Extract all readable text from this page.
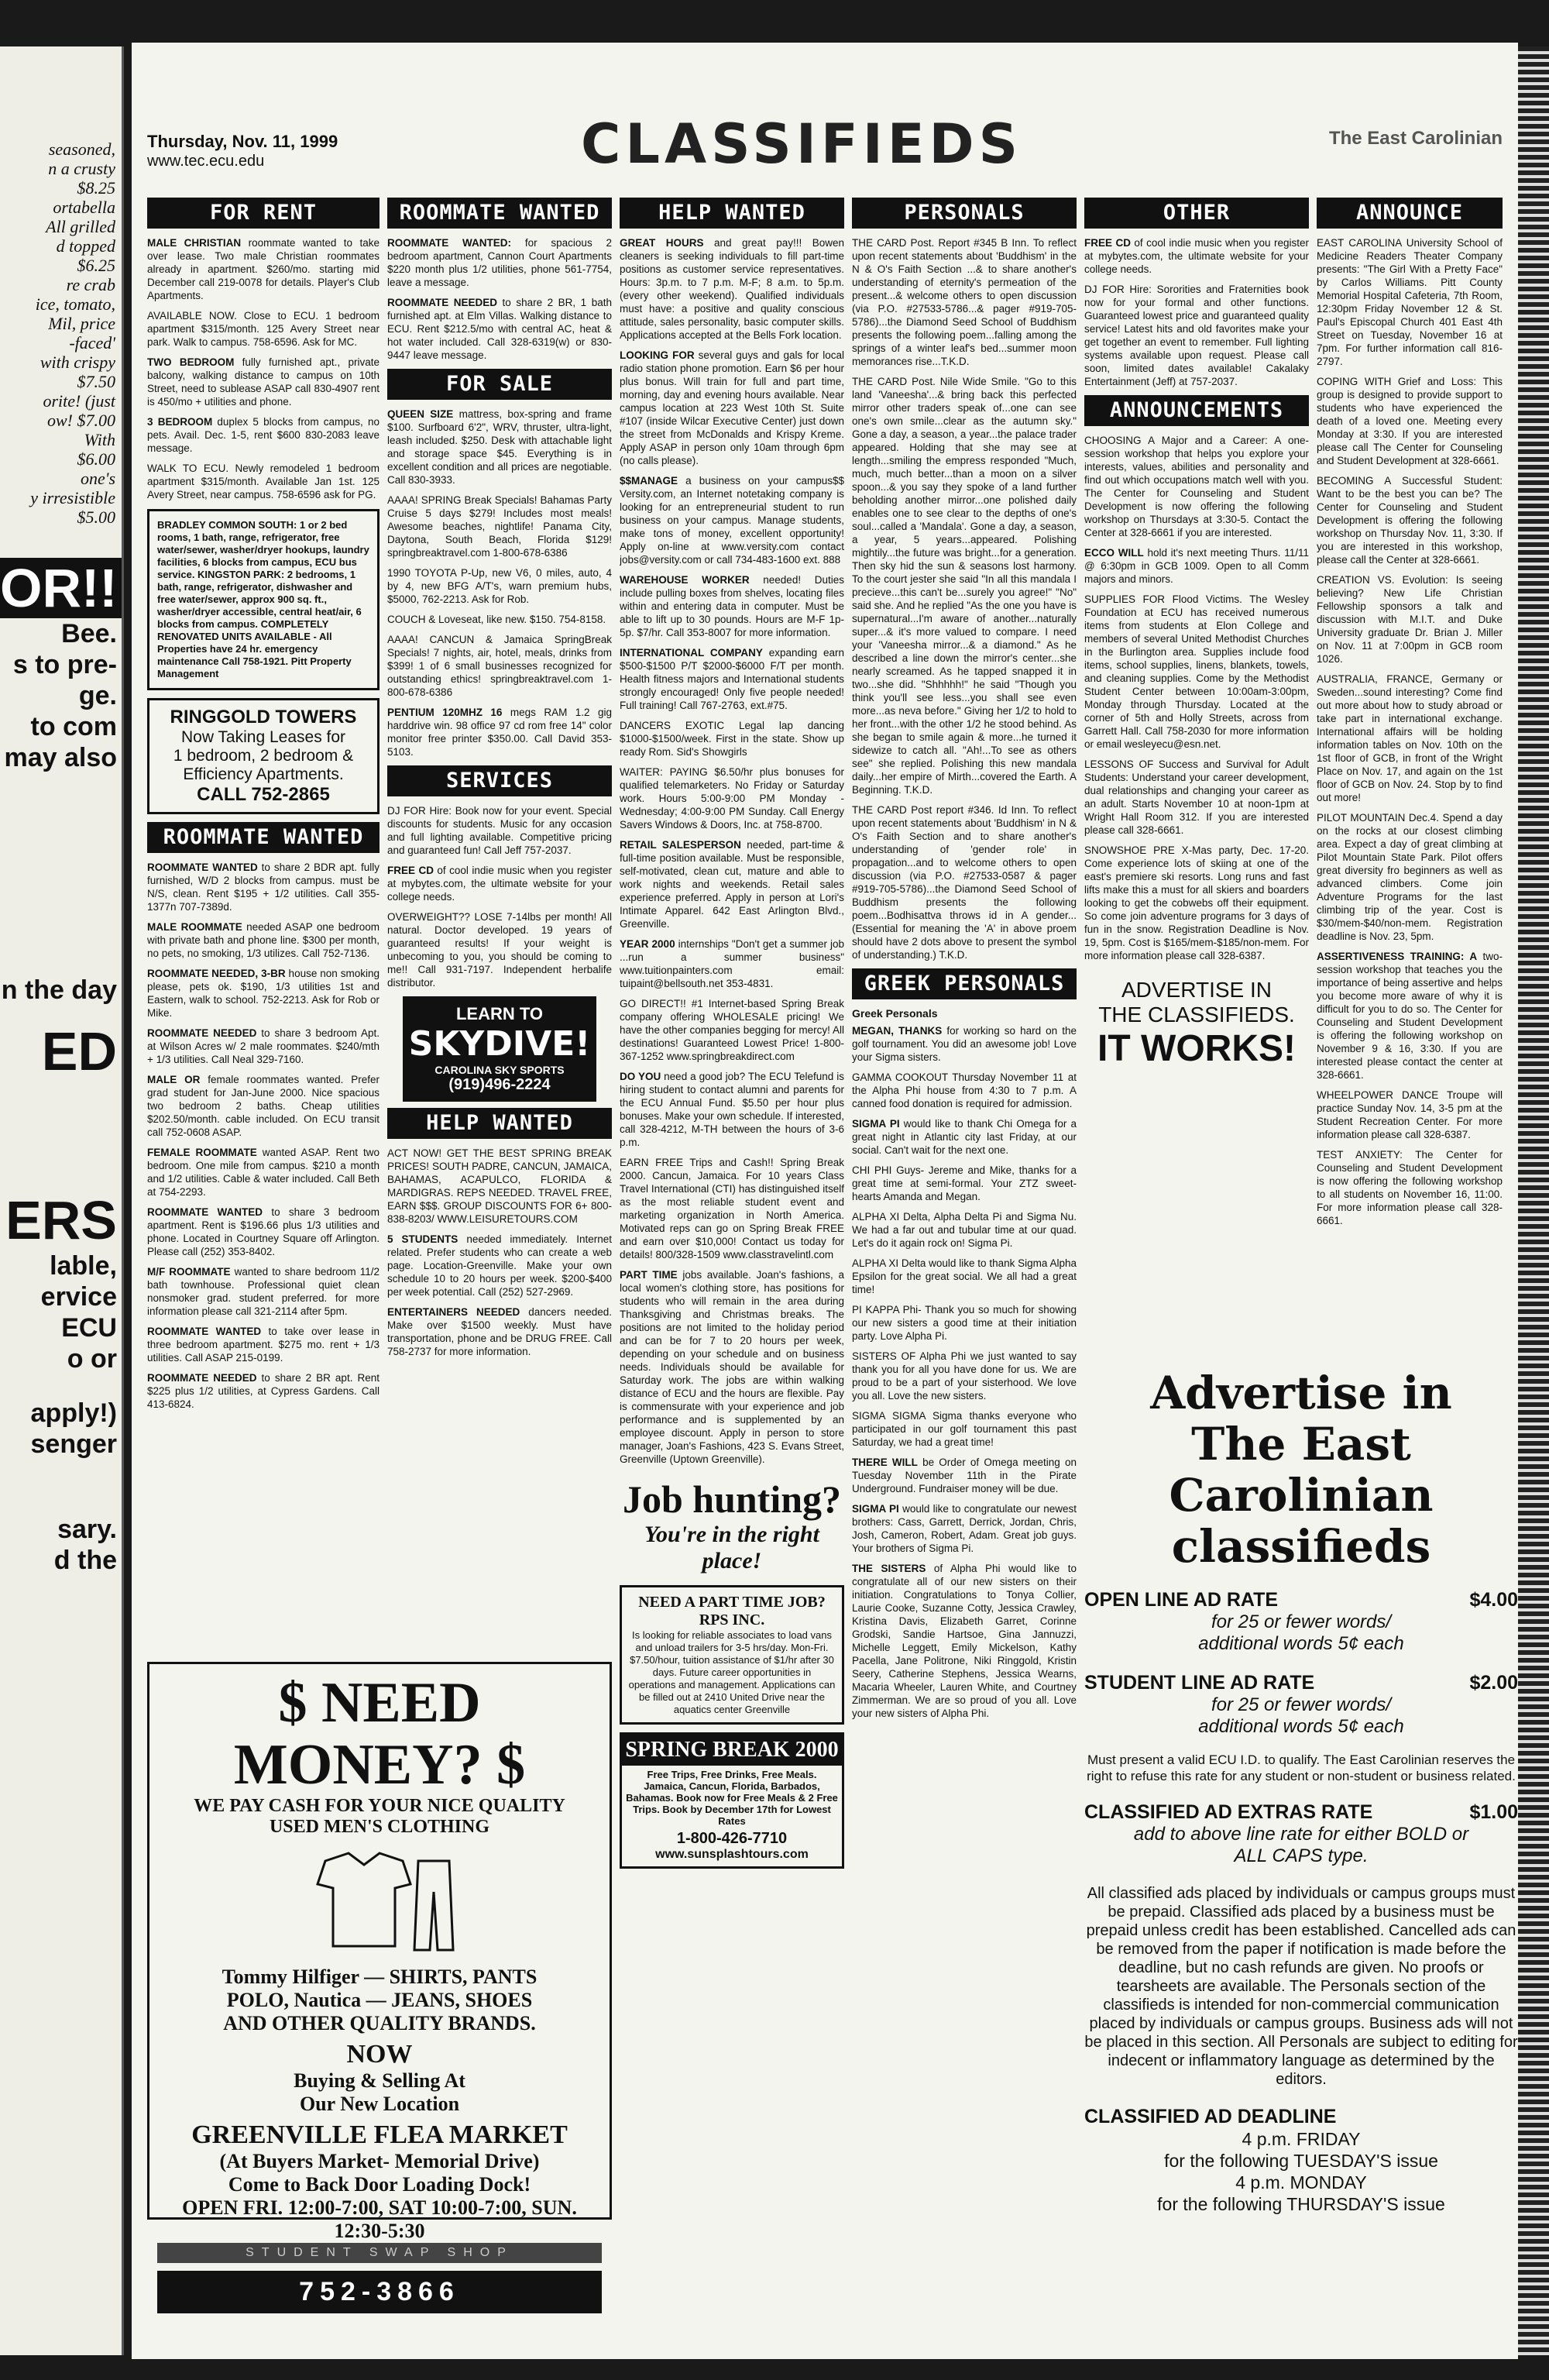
seasoned,
n a crusty
$8.25
ortabella
All grilled
d topped
$6.25
re crab
ice, tomato,
Mil, price
-faced'
with crispy
$7.50
orite! (just
ow! $7.00
With
$6.00
one's
y irresistible
$5.00
OR!!
Bee.
s to pre-
ge.
to com
may also
n the day
ED
ERS
lable,
ervice
ECU
o or
apply!)
senger
sary.
d the
Thursday, Nov. 11, 1999
www.tec.ecu.edu	CLASSIFIEDS	The East Carolinian
FOR RENT

MALE CHRISTIAN roommate wanted to take over lease. Two male Christian roommates already in apartment. $260/mo. starting mid December call 219-0078 for details. Player's Club Apartments.

AVAILABLE NOW. Close to ECU. 1 bedroom apartment $315/month. 125 Avery Street near park. Walk to campus. 758-6596. Ask for MC.

TWO BEDROOM fully furnished apt., private balcony, walking distance to campus on 10th Street, need to sublease ASAP call 830-4907 rent is 450/mo + utilities and phone.

3 BEDROOM duplex 5 blocks from campus, no pets. Avail. Dec. 1-5, rent $600 830-2083 leave message.

WALK TO ECU. Newly remodeled 1 bedroom apartment $315/month. Available Jan 1st. 125 Avery Street, near campus. 758-6596 ask for PG.

BRADLEY COMMON SOUTH: 1 or 2 bed rooms, 1 bath, range, refrigerator, free water/sewer, washer/dryer hookups, laundry facilities, 6 blocks from campus, ECU bus service. KINGSTON PARK: 2 bedrooms, 1 bath, range, refrigerator, dishwasher and free water/sewer, approx 900 sq. ft., washer/dryer accessible, central heat/air, 6 blocks from campus. COMPLETELY RENOVATED UNITS AVAILABLE - All Properties have 24 hr. emergency maintenance Call 758-1921. Pitt Property Management
RINGGOLD TOWERS
Now Taking Leases for
1 bedroom, 2 bedroom &
Efficiency Apartments.
CALL 752-2865
ROOMMATE WANTED

ROOMMATE WANTED to share 2 BDR apt. fully furnished, W/D 2 blocks from campus. must be N/S, clean. Rent $195 + 1/2 utilities. Call 355-1377n 707-7389d.

MALE ROOMMATE needed ASAP one bedroom with private bath and phone line. $300 per month, no pets, no smoking, 1/3 utilizes. Call 752-7136.

ROOMMATE NEEDED, 3-BR house non smoking please, pets ok. $190, 1/3 utilities 1st and Eastern, walk to school. 752-2213. Ask for Rob or Mike.

ROOMMATE NEEDED to share 3 bedroom Apt. at Wilson Acres w/ 2 male roommates. $240/mth + 1/3 utilities. Call Neal 329-7160.

MALE OR female roommates wanted. Prefer grad student for Jan-June 2000. Nice spacious two bedroom 2 baths. Cheap utilities $202.50/month. cable included. On ECU transit call 752-0608 ASAP.

FEMALE ROOMMATE wanted ASAP. Rent two bedroom. One mile from campus. $210 a month and 1/2 utilities. Cable & water included. Call Beth at 754-2293.

ROOMMATE WANTED to share 3 bedroom apartment. Rent is $196.66 plus 1/3 utilities and phone. Located in Courtney Square off Arlington. Please call (252) 353-8402.

M/F ROOMMATE wanted to share bedroom 11/2 bath townhouse. Professional quiet clean nonsmoker grad. student preferred. for more information please call 321-2114 after 5pm.

ROOMMATE WANTED to take over lease in three bedroom apartment. $275 mo. rent + 1/3 utilities. Call ASAP 215-0199.

ROOMMATE NEEDED to share 2 BR apt. Rent $225 plus 1/2 utilities, at Cypress Gardens. Call 413-6824.

ROOMMATE WANTED

ROOMMATE WANTED: for spacious 2 bedroom apartment, Cannon Court Apartments $220 month plus 1/2 utilities, phone 561-7754, leave a message.

ROOMMATE NEEDED to share 2 BR, 1 bath furnished apt. at Elm Villas. Walking distance to ECU. Rent $212.5/mo with central AC, heat & hot water included. Call 328-6319(w) or 830-9447 leave message.

FOR SALE

QUEEN SIZE mattress, box-spring and frame $100. Surfboard 6'2", WRV, thruster, ultra-light, leash included. $250. Desk with attachable light and storage space $45. Everything is in excellent condition and all prices are negotiable. Call 830-3933.

AAAA! SPRING Break Specials! Bahamas Party Cruise 5 days $279! Includes most meals! Awesome beaches, nightlife! Panama City, Daytona, South Beach, Florida $129! springbreaktravel.com 1-800-678-6386

1990 TOYOTA P-Up, new V6, 0 miles, auto, 4 by 4, new BFG A/T's, warn premium hubs, $5000, 762-2213. Ask for Rob.

COUCH & Loveseat, like new. $150. 754-8158.

AAAA! CANCUN & Jamaica SpringBreak Specials! 7 nights, air, hotel, meals, drinks from $399! 1 of 6 small businesses recognized for outstanding ethics! springbreaktravel.com 1-800-678-6386

PENTIUM 120MHZ 16 megs RAM 1.2 gig harddrive win. 98 office 97 cd rom free 14" color monitor free printer $350.00. Call David 353-5103.

SERVICES

DJ FOR Hire: Book now for your event. Special discounts for students. Music for any occasion and full lighting available. Competitive pricing and guaranteed fun! Call Jeff 757-2037.

FREE CD of cool indie music when you register at mybytes.com, the ultimate website for your college needs.

OVERWEIGHT?? LOSE 7-14lbs per month! All natural. Doctor developed. 19 years of guaranteed results! If your weight is unbecoming to you, you should be coming to me!! Call 931-7197. Independent herbalife distributor.

LEARN TO
SKYDIVE!
CAROLINA SKY SPORTS
(919)496-2224
HELP WANTED

ACT NOW! GET THE BEST SPRING BREAK PRICES! SOUTH PADRE, CANCUN, JAMAICA, BAHAMAS, ACAPULCO, FLORIDA & MARDIGRAS. REPS NEEDED. TRAVEL FREE, EARN $$$. GROUP DISCOUNTS FOR 6+ 800-838-8203/ WWW.LEISURETOURS.COM

5 STUDENTS needed immediately. Internet related. Prefer students who can create a web page. Location-Greenville. Make your own schedule 10 to 20 hours per week. $200-$400 per week potential. Call (252) 527-2969.

ENTERTAINERS NEEDED dancers needed. Make over $1500 weekly. Must have transportation, phone and be DRUG FREE. Call 758-2737 for more information.

$ NEED MONEY? $
WE PAY CASH FOR YOUR NICE QUALITY
USED MEN'S CLOTHING
Tommy Hilfiger — SHIRTS, PANTS
POLO, Nautica — JEANS, SHOES
AND OTHER QUALITY BRANDS.
NOW
Buying & Selling At
Our New Location
GREENVILLE FLEA MARKET
(At Buyers Market- Memorial Drive)
Come to Back Door Loading Dock!
OPEN FRI. 12:00-7:00, SAT 10:00-7:00, SUN. 12:30-5:30
STUDENT SWAP SHOP
752-3866
HELP WANTED

GREAT HOURS and great pay!!! Bowen cleaners is seeking individuals to fill part-time positions as customer service representatives. Hours: 3p.m. to 7 p.m. M-F; 8 a.m. to 5p.m. (every other weekend). Qualified individuals must have: a positive and quality conscious attitude, sales personality, basic computer skills. Applications accepted at the Bells Fork location.

LOOKING FOR several guys and gals for local radio station phone promotion. Earn $6 per hour plus bonus. Will train for full and part time, morning, day and evening hours available. Near campus location at 223 West 10th St. Suite #107 (inside Wilcar Executive Center) just down the street from McDonalds and Krispy Kreme. Apply ASAP in person only 10am through 6pm (no calls please).

$$MANAGE a business on your campus$$ Versity.com, an Internet notetaking company is looking for an entrepreneurial student to run business on your campus. Manage students, make tons of money, excellent opportunity! Apply on-line at www.versity.com contact jobs@versity.com or call 734-483-1600 ext. 888

WAREHOUSE WORKER needed! Duties include pulling boxes from shelves, locating files within and entering data in computer. Must be able to lift up to 30 pounds. Hours are M-F 1p-5p. $7/hr. Call 353-8007 for more information.

INTERNATIONAL COMPANY expanding earn $500-$1500 P/T $2000-$6000 F/T per month. Health fitness majors and International students strongly encouraged! Only five people needed! Full training! Call 767-2763, ext.#75.

DANCERS EXOTIC Legal lap dancing $1000-$1500/week. First in the state. Show up ready Rom. Sid's Showgirls

WAITER: PAYING $6.50/hr plus bonuses for qualified telemarketers. No Friday or Saturday work. Hours 5:00-9:00 PM Monday - Wednesday; 4:00-9:00 PM Sunday. Call Energy Savers Windows & Doors, Inc. at 758-8700.

RETAIL SALESPERSON needed, part-time & full-time position available. Must be responsible, self-motivated, clean cut, mature and able to work nights and weekends. Retail sales experience preferred. Apply in person at Lori's Intimate Apparel. 642 East Arlington Blvd., Greenville.

YEAR 2000 internships "Don't get a summer job ...run a summer business" www.tuitionpainters.com email: tuipaint@bellsouth.net 353-4831.

GO DIRECT!! #1 Internet-based Spring Break company offering WHOLESALE pricing! We have the other companies begging for mercy! All destinations! Guaranteed Lowest Price! 1-800-367-1252 www.springbreakdirect.com

DO YOU need a good job? The ECU Telefund is hiring student to contact alumni and parents for the ECU Annual Fund. $5.50 per hour plus bonuses. Make your own schedule. If interested, call 328-4212, M-TH between the hours of 3-6 p.m.

EARN FREE Trips and Cash!! Spring Break 2000. Cancun, Jamaica. For 10 years Class Travel International (CTI) has distinguished itself as the most reliable student event and marketing organization in North America. Motivated reps can go on Spring Break FREE and earn over $10,000! Contact us today for details! 800/328-1509 www.classtravelintl.com

PART TIME jobs available. Joan's fashions, a local women's clothing store, has positions for students who will remain in the area during Thanksgiving and Christmas breaks. The positions are not limited to the holiday period and can be for 7 to 20 hours per week, depending on your schedule and on business needs. Individuals should be available for Saturday work. The jobs are within walking distance of ECU and the hours are flexible. Pay is commensurate with your experience and job performance and is supplemented by an employee discount. Apply in person to store manager, Joan's Fashions, 423 S. Evans Street, Greenville (Uptown Greenville).

Job hunting?
You're in the right place!
NEED A PART TIME JOB?
RPS INC.
Is looking for reliable associates to load vans and unload trailers for 3-5 hrs/day. Mon-Fri. $7.50/hour, tuition assistance of $1/hr after 30 days. Future career opportunities in operations and management. Applications can be filled out at 2410 United Drive near the aquatics center Greenville
SPRING BREAK 2000
Free Trips, Free Drinks, Free Meals. Jamaica, Cancun, Florida, Barbados, Bahamas. Book now for Free Meals & 2 Free Trips. Book by December 17th for Lowest Rates
1-800-426-7710
www.sunsplashtours.com
PERSONALS

THE CARD Post. Report #345 B Inn. To reflect upon recent statements about 'Buddhism' in the N & O's Faith Section ...& to share another's understanding of eternity's permeation of the present...& welcome others to open discussion (via P.O. #27533-5786...& pager #919-705-5786)...the Diamond Seed School of Buddhism presents the following poem...falling among the springs of a winter leaf's bed...summer moon memorances rise...T.K.D.

THE CARD Post. Nile Wide Smile. "Go to this land 'Vaneesha'...& bring back this perfected mirror other traders speak of...one can see one's own smile...clear as the autumn sky." Gone a day, a season, a year...the palace trader appeared. Holding that she may see at length...smiling the empress responded "Much, much, much better...than a moon on a silver spoon...& you say they spoke of a land further beholding another mirror...one polished daily enables one to see clear to the depths of one's soul...called a 'Mandala'. Gone a day, a season, a year, 5 years...appeared. Polishing mightily...the future was bright...for a generation. Then sky hid the sun & seasons lost harmony. To the court jester she said "In all this mandala I precieve...this can't be...surely you agree!" "No" said she. And he replied "As the one you have is supernatural...I'm aware of another...naturally super...& it's more valued to compare. I need your 'Vaneesha mirror...& a diamond." As he described a line down the mirror's center...she nearly screamed. As he tapped snapped it in two...she did. "Shhhhh!" he said "Though you think you'll see less...you shall see even more...as neva before." Giving her 1/2 to hold to her front...with the other 1/2 he stood behind. As she began to smile again & more...he turned it sidewize to catch all. "Ah!...To see as others see" she replied. Polishing this new mandala daily...her empire of Mirth...covered the Earth. A Beginning. T.K.D.

THE CARD Post report #346. Id Inn. To reflect upon recent statements about 'Buddhism' in N & O's Faith Section and to share another's understanding of 'gender role' in propagation...and to welcome others to open discussion (via P.O. #27533-0587 & pager #919-705-5786)...the Diamond Seed School of Buddhism presents the following poem...Bodhisattva throws id in A gender...(Essential for meaning the 'A' in above proem should have 2 dots above to present the symbol of understanding.) T.K.D.

GREEK PERSONALS
Greek Personals

MEGAN, THANKS for working so hard on the golf tournament. You did an awesome job! Love your Sigma sisters.

GAMMA COOKOUT Thursday November 11 at the Alpha Phi house from 4:30 to 7 p.m. A canned food donation is required for admission.

SIGMA PI would like to thank Chi Omega for a great night in Atlantic city last Friday, at our social. Can't wait for the next one.

CHI PHI Guys- Jereme and Mike, thanks for a great time at semi-formal. Your ZTZ sweet-hearts Amanda and Megan.

ALPHA XI Delta, Alpha Delta Pi and Sigma Nu. We had a far out and tubular time at our quad. Let's do it again rock on! Sigma Pi.

ALPHA XI Delta would like to thank Sigma Alpha Epsilon for the great social. We all had a great time!

PI KAPPA Phi- Thank you so much for showing our new sisters a good time at their initiation party. Love Alpha Pi.

SISTERS OF Alpha Phi we just wanted to say thank you for all you have done for us. We are proud to be a part of your sisterhood. We love you all. Love the new sisters.

SIGMA SIGMA Sigma thanks everyone who participated in our golf tournament this past Saturday, we had a great time!

THERE WILL be Order of Omega meeting on Tuesday November 11th in the Pirate Underground. Fundraiser money will be due.

SIGMA PI would like to congratulate our newest brothers: Cass, Garrett, Derrick, Jordan, Chris, Josh, Cameron, Robert, Adam. Great job guys. Your brothers of Sigma Pi.

THE SISTERS of Alpha Phi would like to congratulate all of our new sisters on their initiation. Congratulations to Tonya Collier, Laurie Cooke, Suzanne Cotty, Jessica Crawley, Kristina Davis, Elizabeth Garret, Corinne Grodski, Sandie Hartsoe, Gina Jannuzzi, Michelle Leggett, Emily Mickelson, Kathy Pacella, Jane Politrone, Niki Ringgold, Kristin Seery, Catherine Stephens, Jessica Wearns, Macaria Wheeler, Lauren White, and Courtney Zimmerman. We are so proud of you all. Love your new sisters of Alpha Phi.

OTHER

FREE CD of cool indie music when you register at mybytes.com, the ultimate website for your college needs.

DJ FOR Hire: Sororities and Fraternities book now for your formal and other functions. Guaranteed lowest price and guaranteed quality service! Latest hits and old favorites make your get together an event to remember. Full lighting systems available upon request. Please call soon, limited dates available! Cakalaky Entertainment (Jeff) at 757-2037.

ANNOUNCEMENTS

CHOOSING A Major and a Career: A one-session workshop that helps you explore your interests, values, abilities and personality and find out which occupations match well with you. The Center for Counseling and Student Development is now offering the following workshop on Thursdays at 3:30-5. Contact the Center at 328-6661 if you are interested.

ECCO WILL hold it's next meeting Thurs. 11/11 @ 6:30pm in GCB 1009. Open to all Comm majors and minors.

SUPPLIES FOR Flood Victims. The Wesley Foundation at ECU has received numerous items from students at Elon College and members of several United Methodist Churches in the Burlington area. Supplies include food items, school supplies, linens, blankets, towels, and cleaning supplies. Come by the Methodist Student Center between 10:00am-3:00pm, Monday through Thursday. Located at the corner of 5th and Holly Streets, across from Garrett Hall. Call 758-2030 for more information or email wesleyecu@esn.net.

LESSONS OF Success and Survival for Adult Students: Understand your career development, dual relationships and changing your career as an adult. Starts November 10 at noon-1pm at Wright Hall Room 312. If you are interested please call 328-6661.

SNOWSHOE PRE X-Mas party, Dec. 17-20. Come experience lots of skiing at one of the east's premiere ski resorts. Long runs and fast lifts make this a must for all skiers and boarders looking to get the cobwebs off their equipment. So come join adventure programs for 3 days of fun in the snow. Registration Deadline is Nov. 19, 5pm. Cost is $165/mem-$185/non-mem. For more information please call 328-6387.

ADVERTISE IN
THE CLASSIFIEDS.
IT WORKS!
ANNOUNCE

EAST CAROLINA University School of Medicine Readers Theater Company presents: "The Girl With a Pretty Face" by Carlos Williams. Pitt County Memorial Hospital Cafeteria, 7th Room, 12:30pm Friday November 12 & St. Paul's Episcopal Church 401 East 4th Street on Tuesday, November 16 at 7pm. For further information call 816-2797.

COPING WITH Grief and Loss: This group is designed to provide support to students who have experienced the death of a loved one. Meeting every Monday at 3:30. If you are interested please call The Center for Counseling and Student Development at 328-6661.

BECOMING A Successful Student: Want to be the best you can be? The Center for Counseling and Student Development is offering the following workshop on Thursday Nov. 11, 3:30. If you are interested in this workshop, please call the Center at 328-6661.

CREATION VS. Evolution: Is seeing believing? New Life Christian Fellowship sponsors a talk and discussion with M.I.T. and Duke University graduate Dr. Brian J. Miller on Nov. 11 at 7:00pm in GCB room 1026.

AUSTRALIA, FRANCE, Germany or Sweden...sound interesting? Come find out more about how to study abroad or take part in international exchange. International affairs will be holding information tables on Nov. 10th on the 1st floor of GCB, in front of the Wright Place on Nov. 17, and again on the 1st floor of GCB on Nov. 24. Stop by to find out more!

PILOT MOUNTAIN Dec.4. Spend a day on the rocks at our closest climbing area. Expect a day of great climbing at Pilot Mountain State Park. Pilot offers great diversity fro beginners as well as advanced climbers. Come join Adventure Programs for the last climbing trip of the year. Cost is $30/mem-$40/non-mem. Registration deadline is Nov. 23, 5pm.

ASSERTIVENESS TRAINING: A two-session workshop that teaches you the importance of being assertive and helps you become more aware of why it is difficult for you to do so. The Center for Counseling and Student Development is offering the following workshop on November 9 & 16, 3:30. If you are interested please contact the center at 328-6661.

WHEELPOWER DANCE Troupe will practice Sunday Nov. 14, 3-5 pm at the Student Recreation Center. For more information please call 328-6387.

TEST ANXIETY: The Center for Counseling and Student Development is now offering the following workshop to all students on November 16, 11:00. For more information please call 328-6661.

Advertise in
The East
Carolinian
classifieds
OPEN LINE AD RATE	$4.00
for 25 or fewer words/
additional words 5¢ each
STUDENT LINE AD RATE	$2.00
for 25 or fewer words/
additional words 5¢ each
Must present a valid ECU I.D. to qualify. The East Carolinian reserves the right to refuse this rate for any student or non-student or business related.
CLASSIFIED AD EXTRAS RATE	$1.00
add to above line rate for either BOLD or
ALL CAPS type.
All classified ads placed by individuals or campus groups must be prepaid. Classified ads placed by a business must be prepaid unless credit has been established. Cancelled ads can be removed from the paper if notification is made before the deadline, but no cash refunds are given. No proofs or tearsheets are available. The Personals section of the classifieds is intended for non-commercial communication placed by individuals or campus groups. Business ads will not be placed in this section. All Personals are subject to editing for indecent or inflammatory language as determined by the editors.
CLASSIFIED AD DEADLINE
4 p.m. FRIDAY
for the following TUESDAY'S issue
4 p.m. MONDAY
for the following THURSDAY'S issue
